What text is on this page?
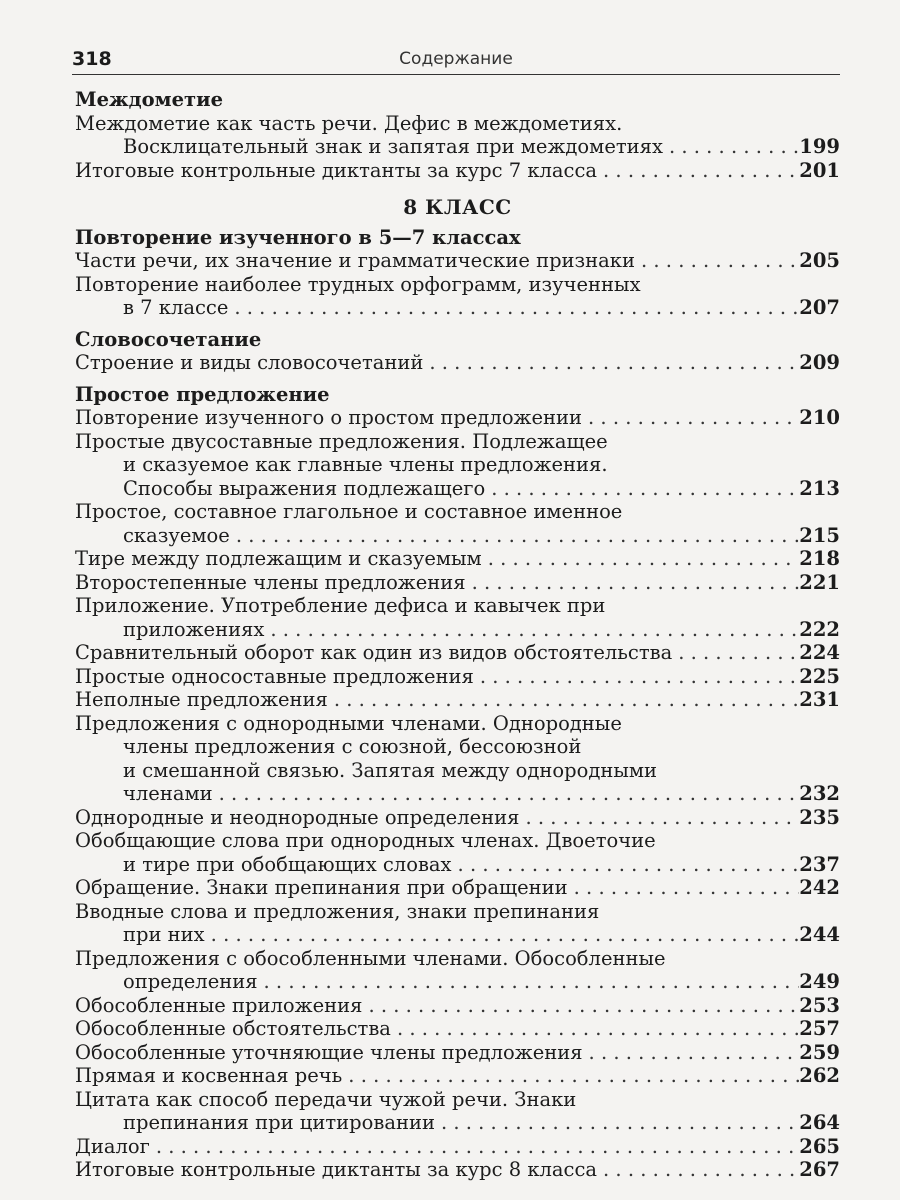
318	Содержание
Междометие
Междометие как часть речи. Дефис в междометиях.
Восклицательный знак и запятая при междометиях . . .	199
Итоговые контрольные диктанты за курс 7 класса . . .	201
8 КЛАСС
Повторение изученного в 5—7 классах
Части речи, их значение и грамматические признаки . . .	205
Повторение наиболее трудных орфограмм, изученных
в 7 классе . . .	207
Словосочетание
Строение и виды словосочетаний . . .	209
Простое предложение
Повторение изученного о простом предложении . . .	210
Простые двусоставные предложения. Подлежащее
и сказуемое как главные члены предложения.
Способы выражения подлежащего . . .	213
Простое, составное глагольное и составное именное
сказуемое . . .	215
Тире между подлежащим и сказуемым . . .	218
Второстепенные члены предложения . . .	221
Приложение. Употребление дефиса и кавычек при
приложениях . . .	222
Сравнительный оборот как один из видов обстоятельства . . .	224
Простые односоставные предложения . . .	225
Неполные предложения . . .	231
Предложения с однородными членами. Однородные
члены предложения с союзной, бессоюзной
и смешанной связью. Запятая между однородными
членами . . .	232
Однородные и неоднородные определения . . .	235
Обобщающие слова при однородных членах. Двоеточие
и тире при обобщающих словах . . .	237
Обращение. Знаки препинания при обращении . . .	242
Вводные слова и предложения, знаки препинания
при них . . .	244
Предложения с обособленными членами. Обособленные
определения . . .	249
Обособленные приложения . . .	253
Обособленные обстоятельства . . .	257
Обособленные уточняющие члены предложения . . .	259
Прямая и косвенная речь . . .	262
Цитата как способ передачи чужой речи. Знаки
препинания при цитировании . . .	264
Диалог . . .	265
Итоговые контрольные диктанты за курс 8 класса . . .	267
